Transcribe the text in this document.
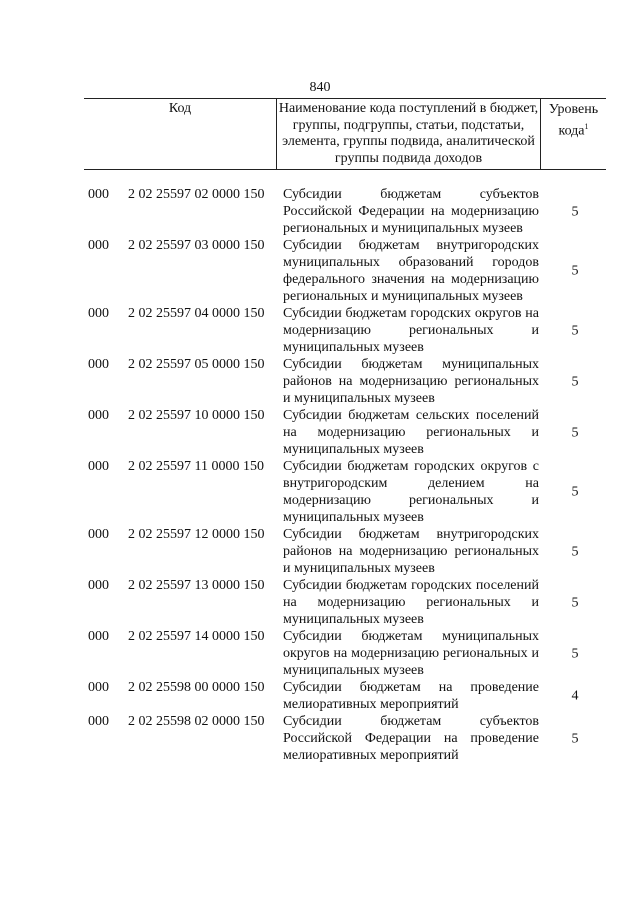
840
Код	Наименование кода поступлений в бюджет, группы, подгруппы, статьи, подстатьи, элемента, группы подвида, аналитической группы подвида доходов
Уровень кода$^1$
000 2 02 25597 02 0000 150 Субсидии бюджетам субъектов Российской Федерации на модернизацию региональных и муниципальных музеев
5
000 2 02 25597 03 0000 150 Субсидии бюджетам внутригородских муниципальных образований городов федерального значения на модернизацию региональных и муниципальных музеев
5
000 2 02 25597 04 0000 150 Субсидии бюджетам городских округов на модернизацию региональных и муниципальных музеев
5
000 2 02 25597 05 0000 150 Субсидии бюджетам муниципальных районов на модернизацию региональных и муниципальных музеев
5
000 2 02 25597 10 0000 150 Субсидии бюджетам сельских поселений на модернизацию региональных и муниципальных музеев
5
000 2 02 25597 11 0000 150 Субсидии бюджетам городских округов с внутригородским делением на модернизацию региональных и муниципальных музеев
5
000 2 02 25597 12 0000 150 Субсидии бюджетам внутригородских районов на модернизацию региональных и муниципальных музеев
5
000 2 02 25597 13 0000 150 Субсидии бюджетам городских поселений на модернизацию региональных и муниципальных музеев
5
000 2 02 25597 14 0000 150 Субсидии бюджетам муниципальных округов на модернизацию региональных и муниципальных музеев
5
000 2 02 25598 00 0000 150 Субсидии бюджетам на проведение мелиоративных мероприятий
4
000 2 02 25598 02 0000 150 Субсидии бюджетам субъектов Российской Федерации на проведение мелиоративных мероприятий
5
